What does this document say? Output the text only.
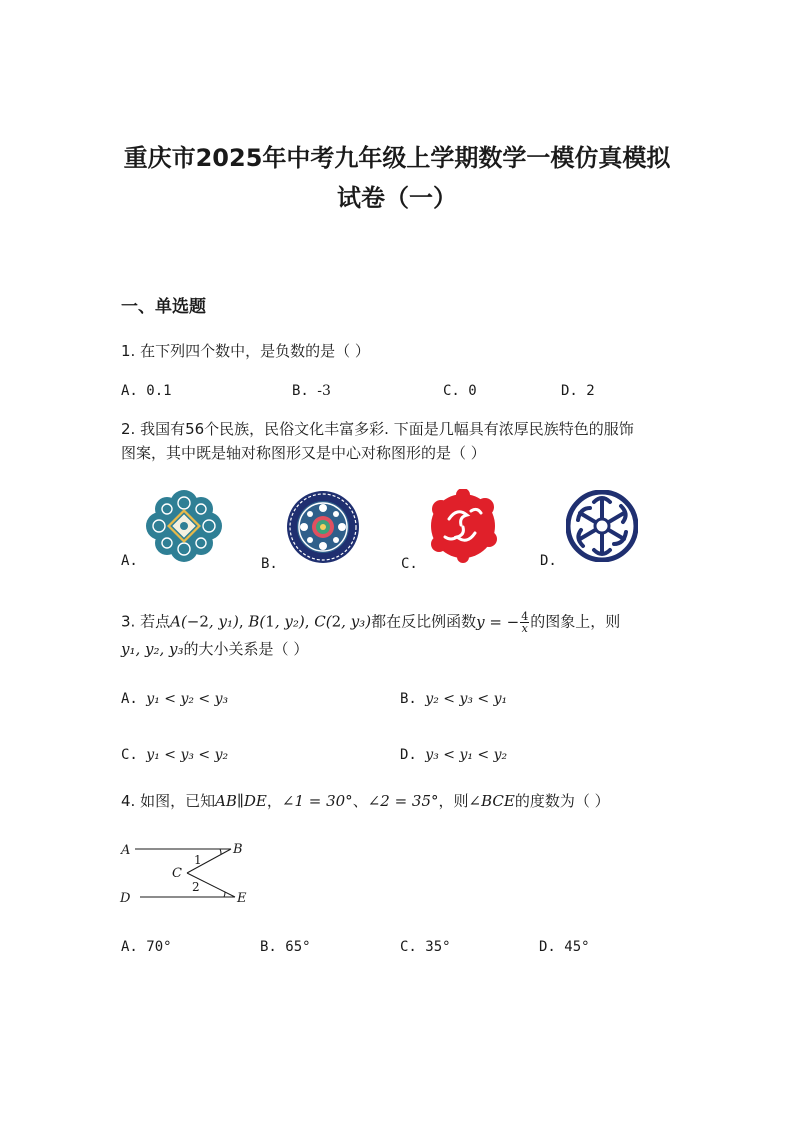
重庆市2025年中考九年级上学期数学一模仿真模拟
试卷（一）
一、单选题
1. 在下列四个数中，是负数的是（ ）
A. 0.1	B. -3	C. 0	D. 2
2. 我国有56个民族，民俗文化丰富多彩. 下面是几幅具有浓厚民族特色的服饰
图案，其中既是轴对称图形又是中心对称图形的是（ ）
A.	B.	C.	D.
3. 若点A(−2, y₁), B(1, y₂), C(2, y₃)都在反比例函数y = − $\frac{4}{x}$ 的图象上，则
y₁, y₂, y₃的大小关系是（ ）
A. y₁ < y₂ < y₃	B. y₂ < y₃ < y₁
C. y₁ < y₃ < y₂	D. y₃ < y₁ < y₂
4. 如图，已知AB∥DE，∠1 = 30°、∠2 = 35°，则∠BCE的度数为（ ）
A	B
C
D	E
1
2
A. 70°	B. 65°	C. 35°	D. 45°
